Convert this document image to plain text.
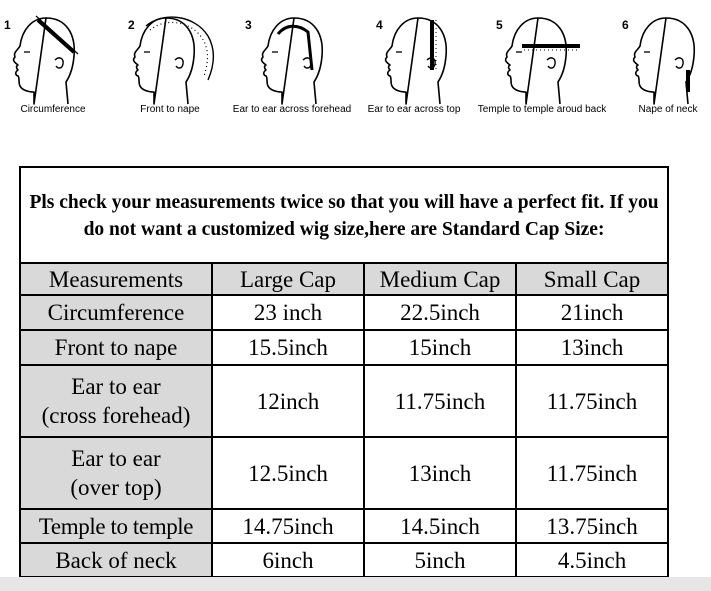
1
Circumference
2
Front to nape
3
Ear to ear across forehead
4
Ear to ear across top
5
Temple to temple aroud back
6
Nape of neck
Pls check your measurements twice so that you will have a perfect fit. If you do not want a customized wig size,here are Standard Cap Size:			
Measurements	Large Cap	Medium Cap	Small Cap
Circumference	23 inch	22.5inch	21inch
Front to nape	15.5inch	15inch	13inch

Ear to ear
(cross forehead)	12inch	11.75inch	11.75inch

Ear to ear
(over top)	12.5inch	13inch	11.75inch
Temple to temple	14.75inch	14.5inch	13.75inch
Back of neck	6inch	5inch	4.5inch
